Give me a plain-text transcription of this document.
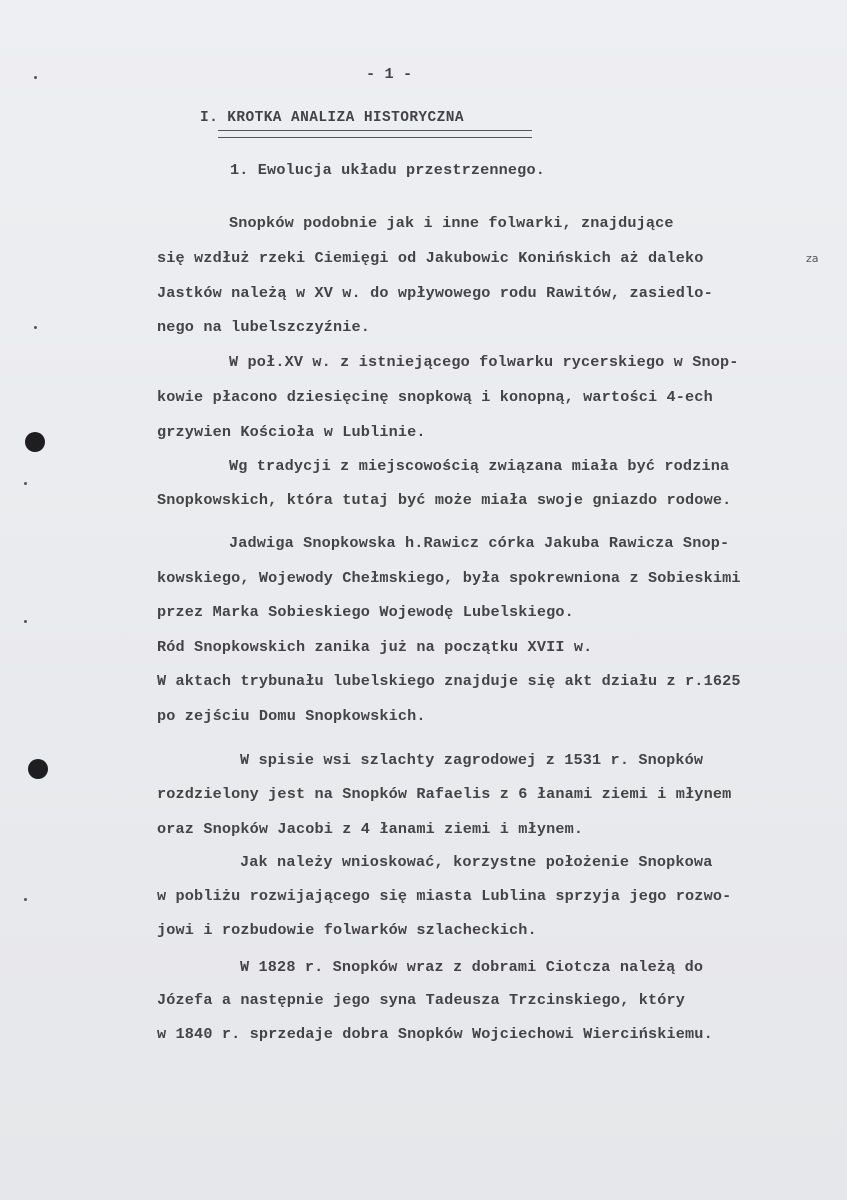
- 1 -
I. KROTKA ANALIZA HISTORYCZNA
1. Ewolucja układu przestrzennego.
Snopków podobnie jak i inne folwarki, znajdujące
się wzdłuż rzeki Ciemięgi od Jakubowic Konińskich aż daleko	za
Jastków należą w XV w. do wpływowego rodu Rawitów, zasiedlo-
nego na lubelszczyźnie.
W poł.XV w. z istniejącego folwarku rycerskiego w Snop-
kowie płacono dziesięcinę snopkową i konopną, wartości 4-ech
grzywien Kościoła w Lublinie.
Wg tradycji z miejscowością związana miała być rodzina
Snopkowskich, która tutaj być może miała swoje gniazdo rodowe.
Jadwiga Snopkowska h.Rawicz córka Jakuba Rawicza Snop-
kowskiego, Wojewody Chełmskiego, była spokrewniona z Sobieskimi
przez Marka Sobieskiego Wojewodę Lubelskiego.
Ród Snopkowskich zanika już na początku XVII w.
W aktach trybunału lubelskiego znajduje się akt działu z r.1625
po zejściu Domu Snopkowskich.
W spisie wsi szlachty zagrodowej z 1531 r. Snopków
rozdzielony jest na Snopków Rafaelis z 6 łanami ziemi i młynem
oraz Snopków Jacobi z 4 łanami ziemi i młynem.
Jak należy wnioskować, korzystne położenie Snopkowa
w pobliżu rozwijającego się miasta Lublina sprzyja jego rozwo-
jowi i rozbudowie folwarków szlacheckich.
W 1828 r. Snopków wraz z dobrami Ciotcza należą do
Józefa a następnie jego syna Tadeusza Trzcinskiego, który
w 1840 r. sprzedaje dobra Snopków Wojciechowi Wiercińskiemu.
